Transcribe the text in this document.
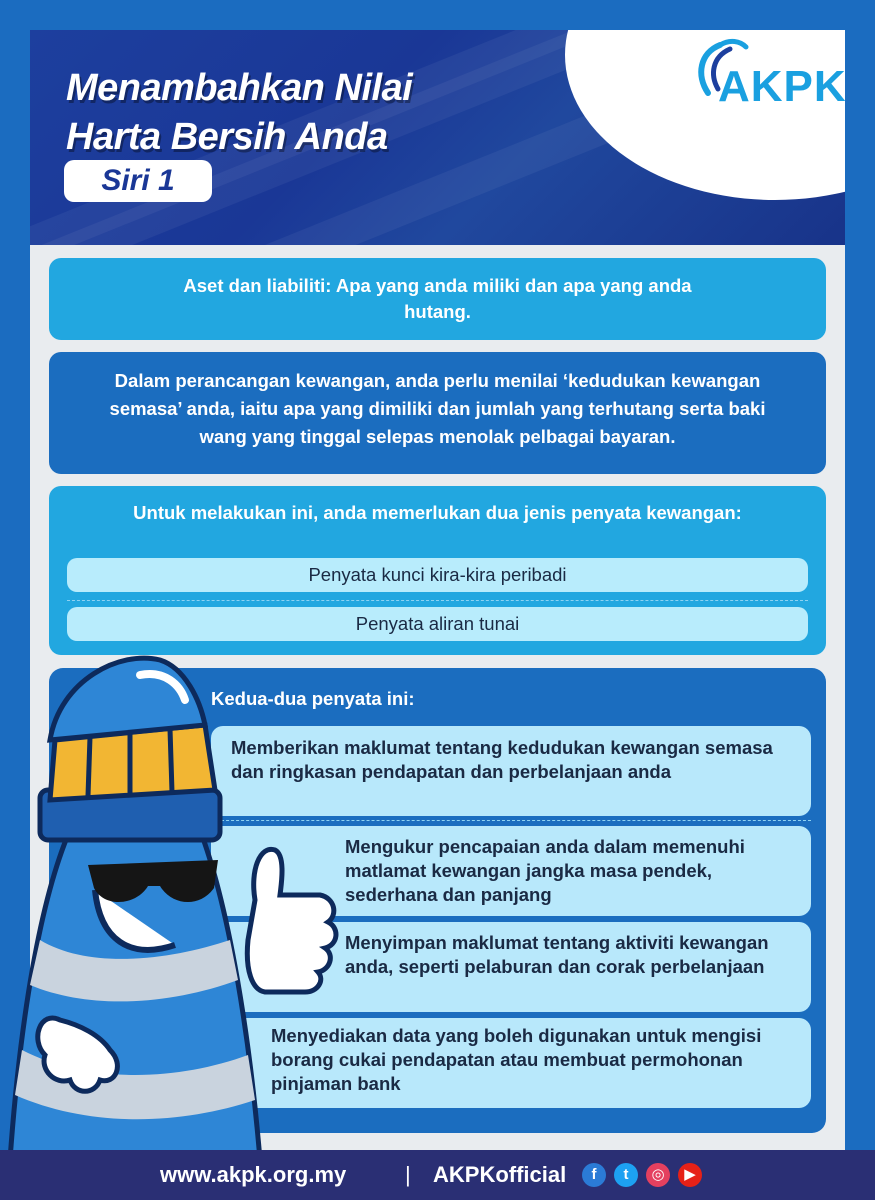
Menambahkan Nilai
Harta Bersih Anda
Siri 1
AKPK
Aset dan liabiliti: Apa yang anda miliki dan apa yang anda hutang.
Dalam perancangan kewangan, anda perlu menilai ‘kedudukan kewangan semasa’ anda, iaitu apa yang dimiliki dan jumlah yang terhutang serta baki wang yang tinggal selepas menolak pelbagai bayaran.
Untuk melakukan ini, anda memerlukan dua jenis penyata kewangan:
Penyata kunci kira-kira peribadi
Penyata aliran tunai
Kedua-dua penyata ini:
Memberikan maklumat tentang kedudukan kewangan semasa dan ringkasan pendapatan dan perbelanjaan anda
Mengukur pencapaian anda dalam memenuhi matlamat kewangan jangka masa pendek, sederhana dan panjang
Menyimpan maklumat tentang aktiviti kewangan anda, seperti pelaburan dan corak perbelanjaan
Menyediakan data yang boleh digunakan untuk mengisi borang cukai pendapatan atau membuat permohonan pinjaman bank
www.akpk.org.my	| AKPKofficial	f	t	◎	▶
